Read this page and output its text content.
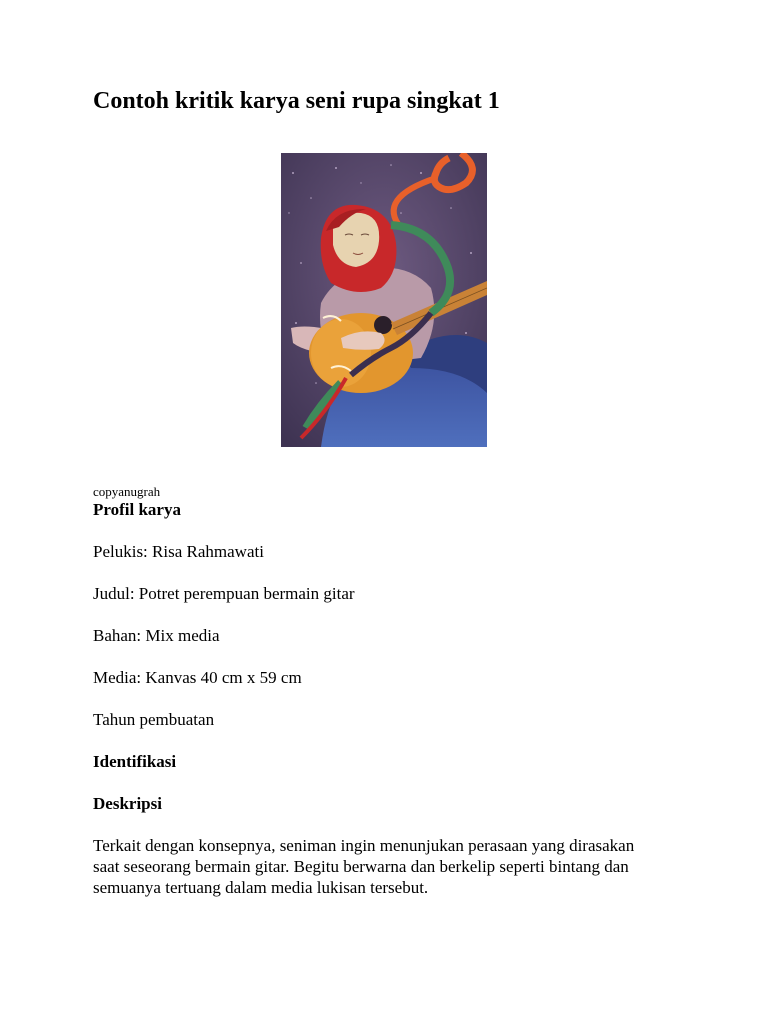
Contoh kritik karya seni rupa singkat 1
copyanugrah
Profil karya
Pelukis: Risa Rahmawati
Judul: Potret perempuan bermain gitar
Bahan: Mix media
Media: Kanvas 40 cm x 59 cm
Tahun pembuatan
Identifikasi
Deskripsi
Terkait dengan konsepnya, seniman ingin menunjukan perasaan yang dirasakan saat seseorang bermain gitar. Begitu berwarna dan berkelip seperti bintang dan semuanya tertuang dalam media lukisan tersebut.
